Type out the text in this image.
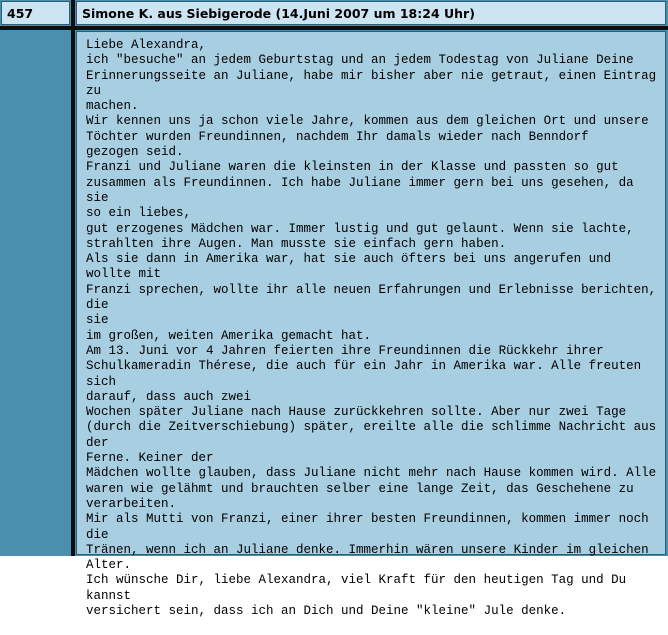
457	Simone K. aus Siebigerode (14.Juni 2007 um 18:24 Uhr)
Liebe Alexandra,
ich "besuche" an jedem Geburtstag und an jedem Todestag von Juliane Deine
Erinnerungsseite an Juliane, habe mir bisher aber nie getraut, einen Eintrag zu
machen.
Wir kennen uns ja schon viele Jahre, kommen aus dem gleichen Ort und unsere
Töchter wurden Freundinnen, nachdem Ihr damals wieder nach Benndorf
gezogen seid.
Franzi und Juliane waren die kleinsten in der Klasse und passten so gut
zusammen als Freundinnen. Ich habe Juliane immer gern bei uns gesehen, da sie
so ein liebes,
gut erzogenes Mädchen war. Immer lustig und gut gelaunt. Wenn sie lachte,
strahlten ihre Augen. Man musste sie einfach gern haben.
Als sie dann in Amerika war, hat sie auch öfters bei uns angerufen und wollte mit
Franzi sprechen, wollte ihr alle neuen Erfahrungen und Erlebnisse berichten, die
sie
im großen, weiten Amerika gemacht hat.
Am 13. Juni vor 4 Jahren feierten ihre Freundinnen die Rückkehr ihrer
Schulkameradin Thérese, die auch für ein Jahr in Amerika war. Alle freuten sich
darauf, dass auch zwei
Wochen später Juliane nach Hause zurückkehren sollte. Aber nur zwei Tage
(durch die Zeitverschiebung) später, ereilte alle die schlimme Nachricht aus der
Ferne. Keiner der
Mädchen wollte glauben, dass Juliane nicht mehr nach Hause kommen wird. Alle
waren wie gelähmt und brauchten selber eine lange Zeit, das Geschehene zu
verarbeiten.
Mir als Mutti von Franzi, einer ihrer besten Freundinnen, kommen immer noch die
Tränen, wenn ich an Juliane denke. Immerhin wären unsere Kinder im gleichen
Alter.
Ich wünsche Dir, liebe Alexandra, viel Kraft für den heutigen Tag und Du kannst
versichert sein, dass ich an Dich und Deine "kleine" Jule denke.
